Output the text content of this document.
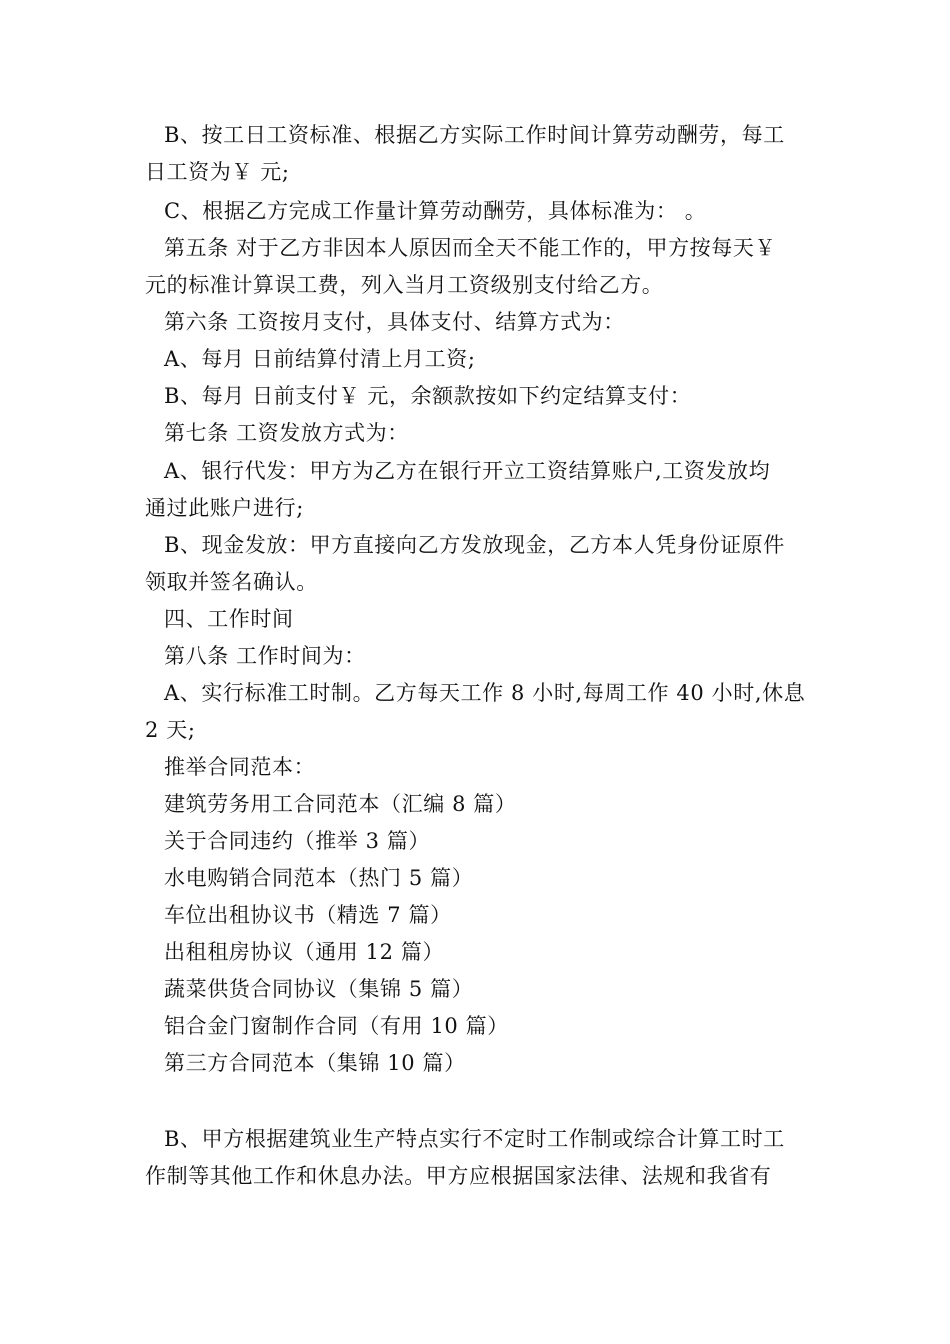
B、按工日工资标准、根据乙方实际工作时间计算劳动酬劳，每工

日工资为￥ 元;

C、根据乙方完成工作量计算劳动酬劳，具体标准为： 。

第五条 对于乙方非因本人原因而全天不能工作的，甲方按每天￥

元的标准计算误工费，列入当月工资级别支付给乙方。

第六条 工资按月支付，具体支付、结算方式为：

A、每月 日前结算付清上月工资;

B、每月 日前支付￥ 元，余额款按如下约定结算支付：

第七条 工资发放方式为：

A、银行代发：甲方为乙方在银行开立工资结算账户,工资发放均

通过此账户进行;

B、现金发放：甲方直接向乙方发放现金，乙方本人凭身份证原件

领取并签名确认。

四、工作时间

第八条 工作时间为：

A、实行标准工时制。乙方每天工作 8 小时,每周工作 40 小时,休息

2 天;

推举合同范本：

建筑劳务用工合同范本（汇编 8 篇）

关于合同违约（推举 3 篇）

水电购销合同范本（热门 5 篇）

车位出租协议书（精选 7 篇）

出租租房协议（通用 12 篇）

蔬菜供货合同协议（集锦 5 篇）

铝合金门窗制作合同（有用 10 篇）

第三方合同范本（集锦 10 篇）

B、甲方根据建筑业生产特点实行不定时工作制或综合计算工时工

作制等其他工作和休息办法。甲方应根据国家法律、法规和我省有
